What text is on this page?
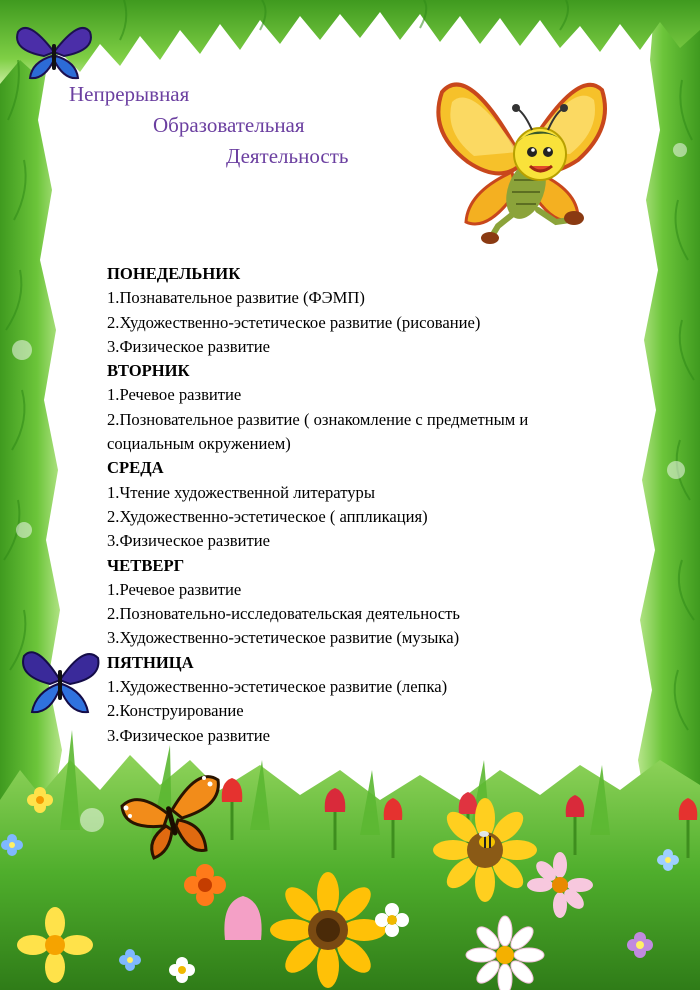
Непрерывная
Образовательная
Деятельность
ПОНЕДЕЛЬНИК
1.Познавательное развитие (ФЭМП)
2.Художественно-эстетическое развитие (рисование)
3.Физическое развитие
ВТОРНИК
1.Речевое развитие
2.Позновательное развитие ( ознакомление с предметным и
социальным окружением)
СРЕДА
1.Чтение художественной литературы
2.Художественно-эстетическое ( аппликация)
3.Физическое развитие
ЧЕТВЕРГ
1.Речевое развитие
2.Позновательно-исследовательская деятельность
3.Художественно-эстетическое развитие (музыка)
ПЯТНИЦА
1.Художественно-эстетическое развитие (лепка)
2.Конструирование
3.Физическое развитие
